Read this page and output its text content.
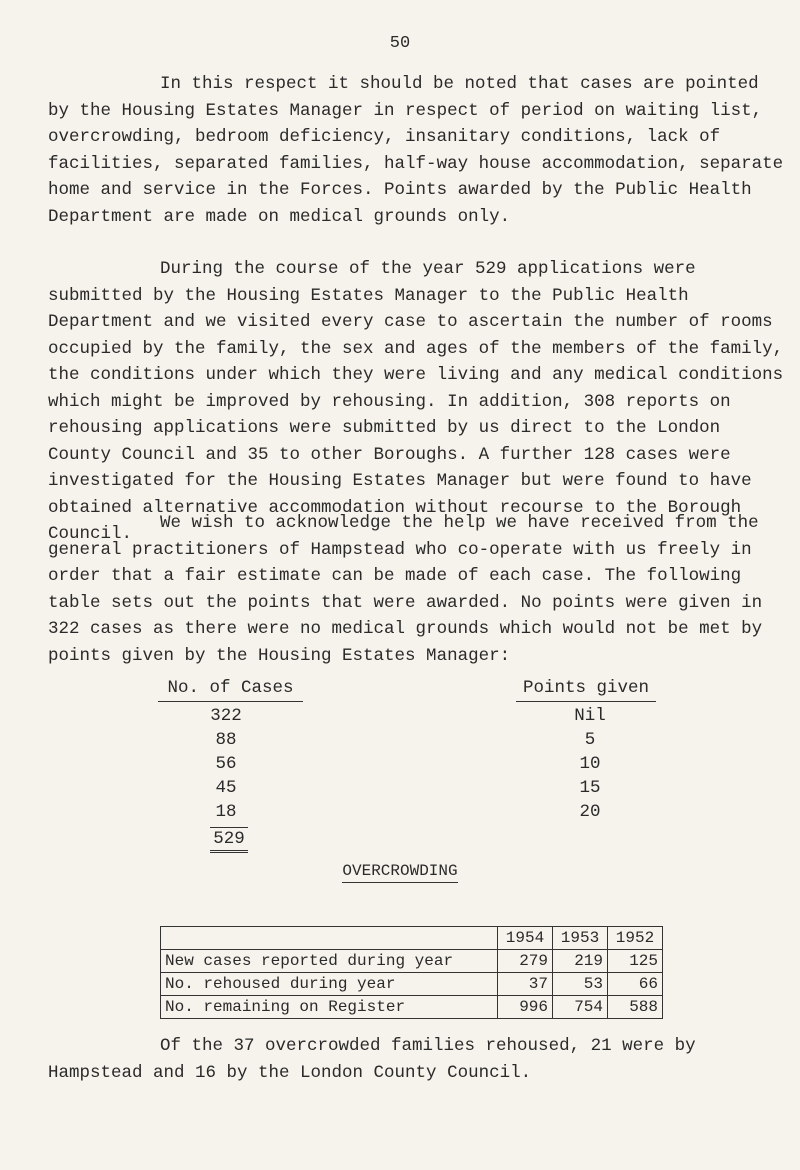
50

In this respect it should be noted that cases are pointed by the Housing Estates Manager in respect of period on waiting list, overcrowding, bedroom deficiency, insanitary conditions, lack of facilities, separated families, half-way house accommodation, separate home and service in the Forces. Points awarded by the Public Health Department are made on medical grounds only.

During the course of the year 529 applications were submitted by the Housing Estates Manager to the Public Health Department and we visited every case to ascertain the number of rooms occupied by the family, the sex and ages of the members of the family, the conditions under which they were living and any medical conditions which might be improved by rehousing. In addition, 308 reports on rehousing applications were submitted by us direct to the London County Council and 35 to other Boroughs. A further 128 cases were investigated for the Housing Estates Manager but were found to have obtained alternative accommodation without recourse to the Borough Council.

We wish to acknowledge the help we have received from the general practitioners of Hampstead who co-operate with us freely in order that a fair estimate can be made of each case. The following table sets out the points that were awarded. No points were given in 322 cases as there were no medical grounds which would not be met by points given by the Housing Estates Manager:

No. of Cases	Points given
322	Nil
88	5
56	10
45	15
18	20
529
OVERCROWDING
	1954	1953	1952
New cases reported during year	279	219	125
No. rehoused during year	37	53	66
No. remaining on Register	996	754	588

Of the 37 overcrowded families rehoused, 21 were by Hampstead and 16 by the London County Council.
